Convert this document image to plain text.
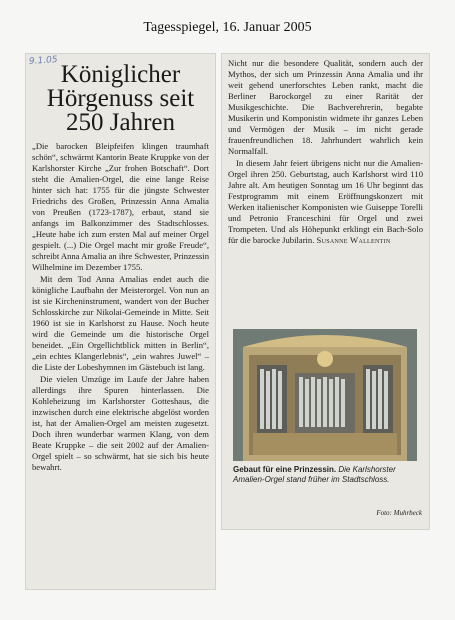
Tagesspiegel, 16. Januar 2005
9.1.05 Königlicher Hörgenuss seit 250 Jahren

„Die barocken Bleipfeifen klingen traumhaft schön“, schwärmt Kantorin Beate Kruppke von der Karlshorster Kirche „Zur frohen Botschaft“. Dort steht die Amalien-Orgel, die eine lange Reise hinter sich hat: 1755 für die jüngste Schwester Friedrichs des Großen, Prinzessin Anna Amalia von Preußen (1723-1787), erbaut, stand sie anfangs im Balkonzimmer des Stadtschlosses. „Heute habe ich zum ersten Mal auf meiner Orgel gespielt. (...) Die Orgel macht mir große Freude“, schreibt Anna Amalia an ihre Schwester, Prinzessin Wilhelmine im Dezember 1755.

Mit dem Tod Anna Amalias endet auch die königliche Laufbahn der Meisterorgel. Von nun an ist sie Kircheninstrument, wandert von der Bucher Schlosskirche zur Nikolai-Gemeinde in Mitte. Seit 1960 ist sie in Karlshorst zu Hause. Noch heute wird die Gemeinde um die historische Orgel beneidet. „Ein Orgellichtblick mitten in Berlin“, „ein echtes Klangerlebnis“, „ein wahres Juwel“ – die Liste der Lobeshymnen im Gästebuch ist lang.

Die vielen Umzüge im Laufe der Jahre haben allerdings ihre Spuren hinterlassen. Die Kohleheizung im Karlshorster Gotteshaus, die inzwischen durch eine elektrische abgelöst worden ist, hat der Amalien-Orgel am meisten zugesetzt. Doch ihren wunderbar warmen Klang, von dem Beate Kruppke – die seit 2002 auf der Amalien-Orgel spielt – so schwärmt, hat sie sich bis heute bewahrt.

Nicht nur die besondere Qualität, sondern auch der Mythos, der sich um Prinzessin Anna Amalia und ihr weit gehend unerforschtes Leben rankt, macht die Berliner Barockorgel zu einer Rarität der Musikgeschichte. Die Bachverehrerin, begabte Musikerin und Komponistin widmete ihr ganzes Leben und Vermögen der Musik – im nicht gerade frauenfreundlichen 18. Jahrhundert wahrlich kein Normalfall.

In diesem Jahr feiert übrigens nicht nur die Amalien-Orgel ihren 250. Geburtstag, auch Karlshorst wird 110 Jahre alt. Am heutigen Sonntag um 16 Uhr beginnt das Festprogramm mit einem Eröffnungskonzert mit Werken italienischer Komponisten wie Guiseppe Torelli und Petronio Franceschini für Orgel und zwei Trompeten. Und als Höhepunkt erklingt ein Bach-Solo für die barocke Jubilarin. Susanne Wallentin

Gebaut für eine Prinzessin. Die Karlshorster Amalien-Orgel stand früher im Stadtschloss.
Foto: Muhrbeck
